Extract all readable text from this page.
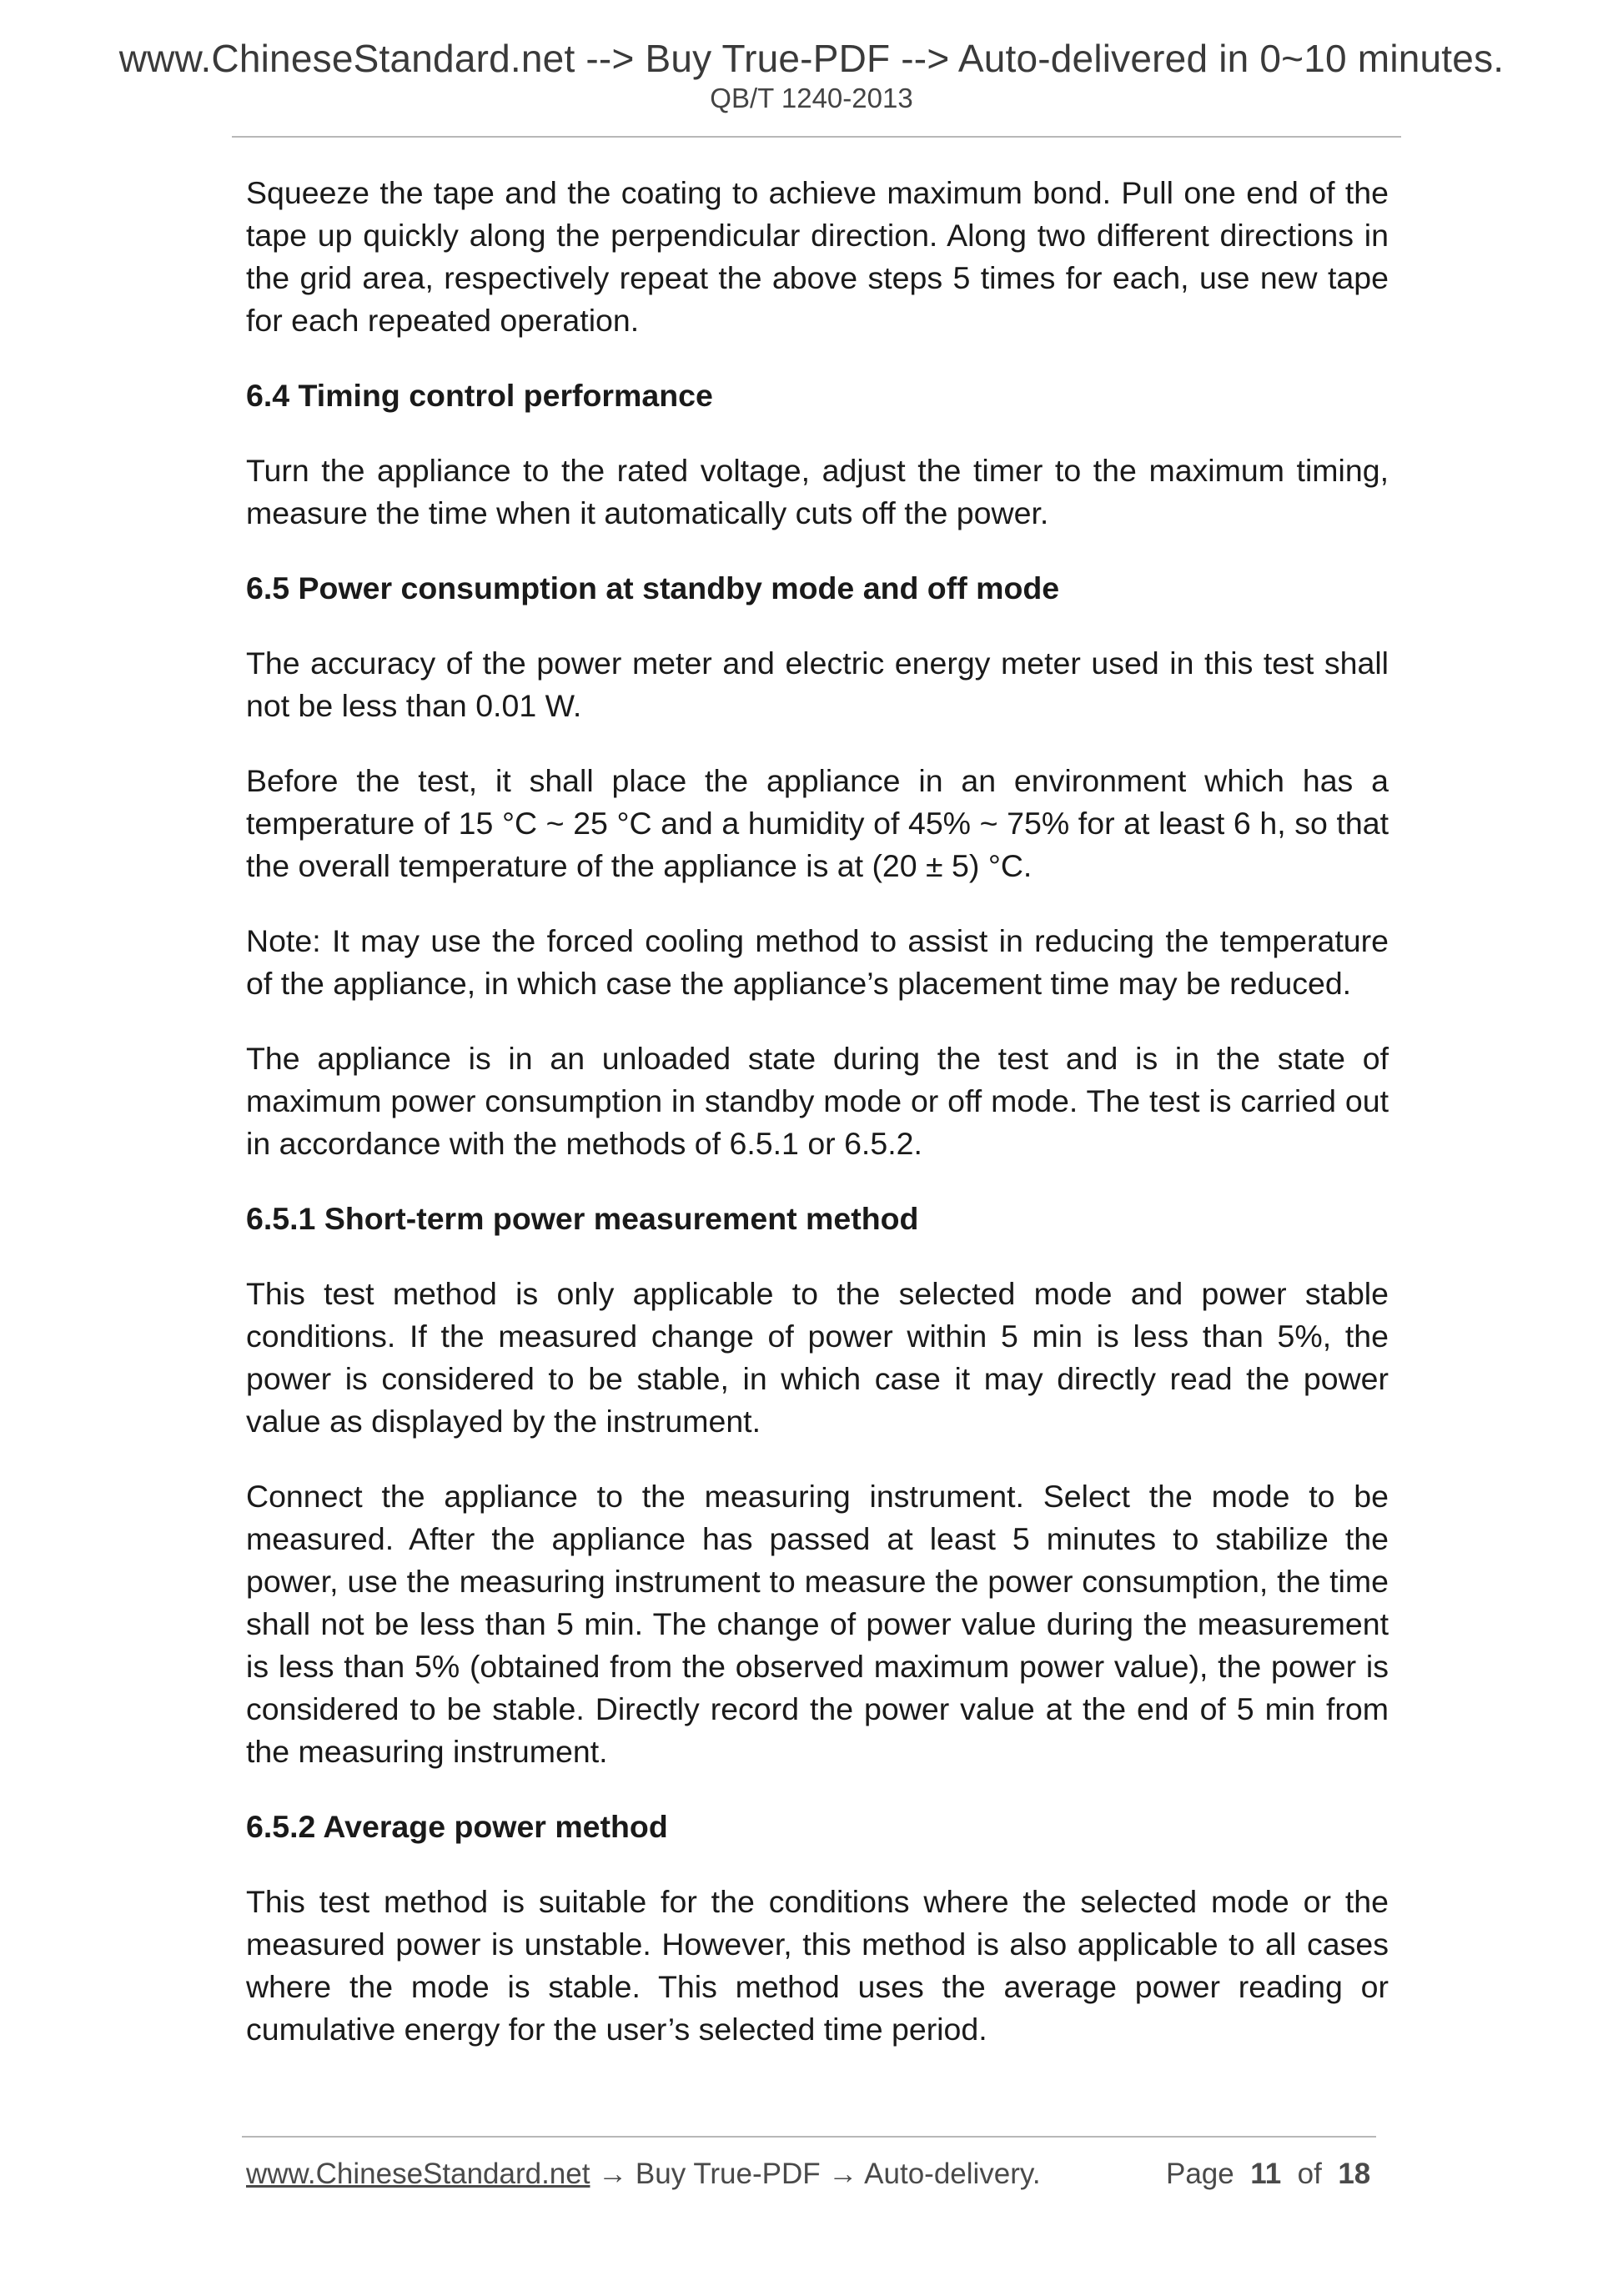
www.ChineseStandard.net --> Buy True-PDF --> Auto-delivered in 0~10 minutes.
QB/T 1240-2013

Squeeze the tape and the coating to achieve maximum bond. Pull one end of the tape up quickly along the perpendicular direction. Along two different directions in the grid area, respectively repeat the above steps 5 times for each, use new tape for each repeated operation.

6.4 Timing control performance

Turn the appliance to the rated voltage, adjust the timer to the maximum timing, measure the time when it automatically cuts off the power.

6.5 Power consumption at standby mode and off mode

The accuracy of the power meter and electric energy meter used in this test shall not be less than 0.01 W.

Before the test, it shall place the appliance in an environment which has a temperature of 15 °C ~ 25 °C and a humidity of 45% ~ 75% for at least 6 h, so that the overall temperature of the appliance is at (20 ± 5) °C.

Note: It may use the forced cooling method to assist in reducing the temperature of the appliance, in which case the appliance’s placement time may be reduced.

The appliance is in an unloaded state during the test and is in the state of maximum power consumption in standby mode or off mode. The test is carried out in accordance with the methods of 6.5.1 or 6.5.2.

6.5.1 Short-term power measurement method

This test method is only applicable to the selected mode and power stable conditions. If the measured change of power within 5 min is less than 5%, the power is considered to be stable, in which case it may directly read the power value as displayed by the instrument.

Connect the appliance to the measuring instrument. Select the mode to be measured. After the appliance has passed at least 5 minutes to stabilize the power, use the measuring instrument to measure the power consumption, the time shall not be less than 5 min. The change of power value during the measurement is less than 5% (obtained from the observed maximum power value), the power is considered to be stable. Directly record the power value at the end of 5 min from the measuring instrument.

6.5.2 Average power method

This test method is suitable for the conditions where the selected mode or the measured power is unstable. However, this method is also applicable to all cases where the mode is stable. This method uses the average power reading or cumulative energy for the user’s selected time period.

www.ChineseStandard.net → Buy True-PDF → Auto-delivery.	Page 11 of 18
